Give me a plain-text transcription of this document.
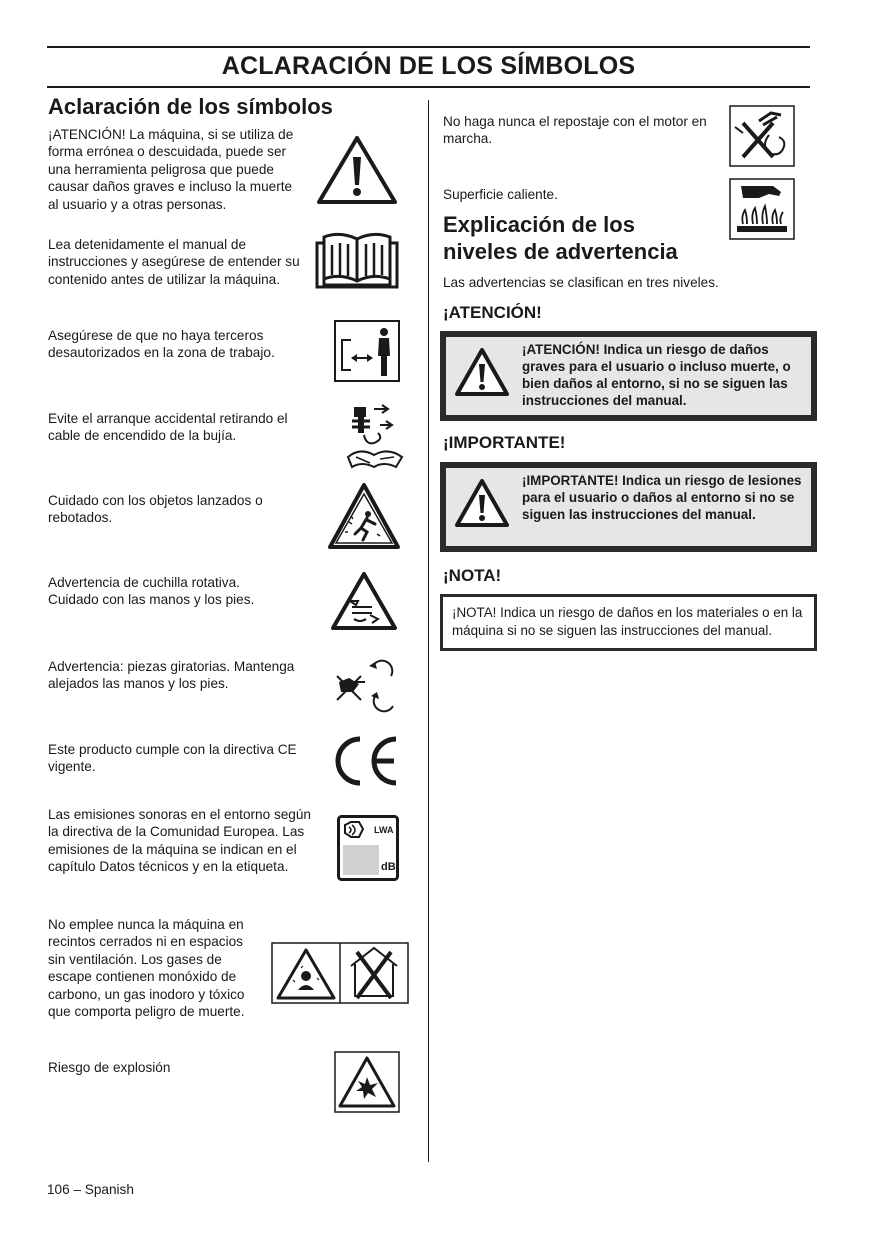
ACLARACIÓN DE LOS SÍMBOLOS
Aclaración de los símbolos

¡ATENCIÓN! La máquina, si se utiliza de forma errónea o descuidada, puede ser una herramienta peligrosa que puede causar daños graves e incluso la muerte al usuario y a otras personas.

Lea detenidamente el manual de instrucciones y asegúrese de entender su contenido antes de utilizar la máquina.

Asegúrese de que no haya terceros desautorizados en la zona de trabajo.

Evite el arranque accidental retirando el cable de encendido de la bujía.

Cuidado con los objetos lanzados o rebotados.

Advertencia de cuchilla rotativa. Cuidado con las manos y los pies.

Advertencia: piezas giratorias. Mantenga alejados las manos y los pies.

Este producto cumple con la directiva CE vigente.

Las emisiones sonoras en el entorno según la directiva de la Comunidad Europea. Las emisiones de la máquina se indican en el capítulo Datos técnicos y en la etiqueta.

LWA
dB

No emplee nunca la máquina en recintos cerrados ni en espacios sin ventilación. Los gases de escape contienen monóxido de carbono, un gas inodoro y tóxico que comporta peligro de muerte.

Riesgo de explosión

No haga nunca el repostaje con el motor en marcha.

Superficie caliente.

Explicación de los niveles de advertencia

Las advertencias se clasifican en tres niveles.

¡ATENCIÓN!
¡ATENCIÓN! Indica un riesgo de daños graves para el usuario o incluso muerte, o bien daños al entorno, si no se siguen las instrucciones del manual.
¡IMPORTANTE!
¡IMPORTANTE! Indica un riesgo de lesiones para el usuario o daños al entorno si no se siguen las instrucciones del manual.
¡NOTA!
¡NOTA! Indica un riesgo de daños en los materiales o en la máquina si no se siguen las instrucciones del manual.
106 – Spanish
